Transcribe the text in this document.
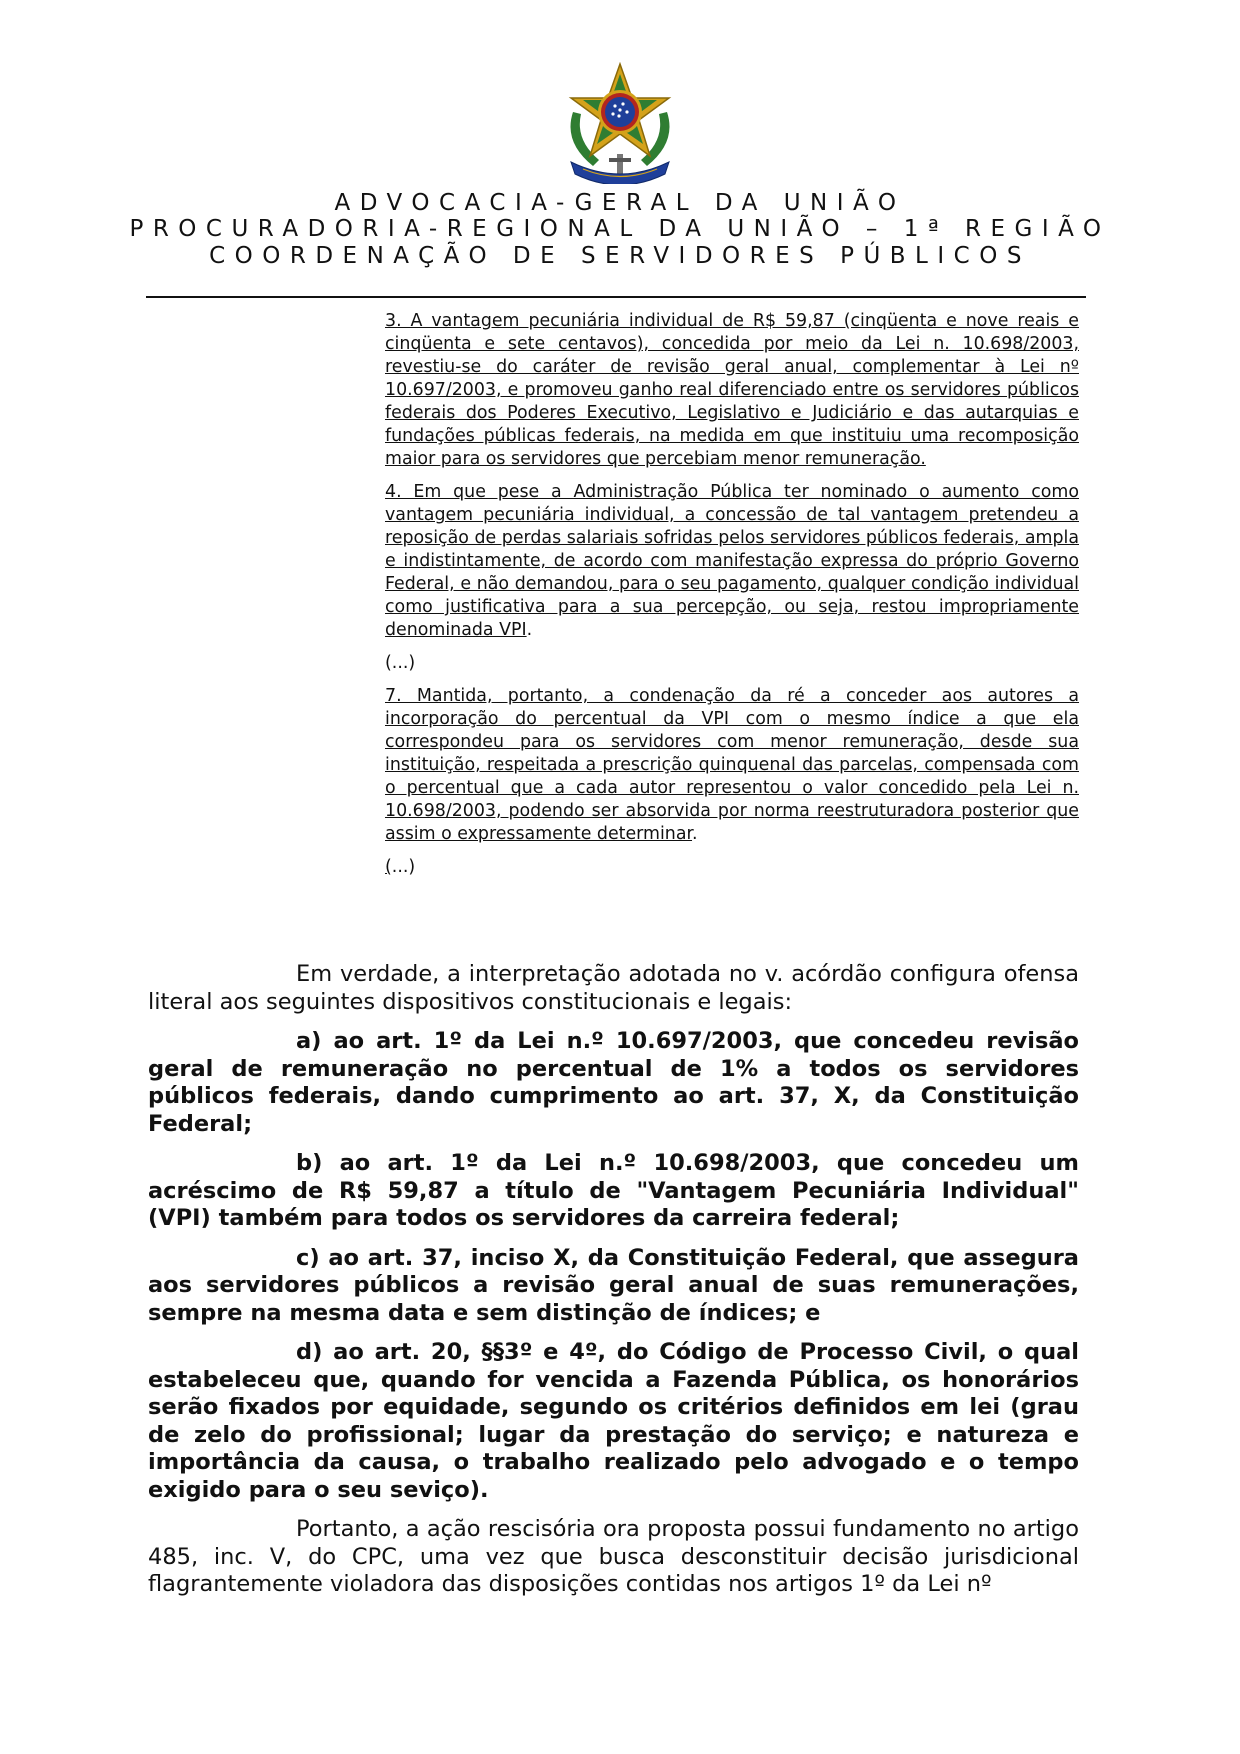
ADVOCACIA-GERAL DA UNIÃO
PROCURADORIA-REGIONAL DA UNIÃO – 1ª REGIÃO
COORDENAÇÃO DE SERVIDORES PÚBLICOS

3. A vantagem pecuniária individual de R$ 59,87 (cinqüenta e nove reais e cinqüenta e sete centavos), concedida por meio da Lei n. 10.698/2003, revestiu-se do caráter de revisão geral anual, complementar à Lei nº 10.697/2003, e promoveu ganho real diferenciado entre os servidores públicos federais dos Poderes Executivo, Legislativo e Judiciário e das autarquias e fundações públicas federais, na medida em que instituiu uma recomposição maior para os servidores que percebiam menor remuneração.

4. Em que pese a Administração Pública ter nominado o aumento como vantagem pecuniária individual, a concessão de tal vantagem pretendeu a reposição de perdas salariais sofridas pelos servidores públicos federais, ampla e indistintamente, de acordo com manifestação expressa do próprio Governo Federal, e não demandou, para o seu pagamento, qualquer condição individual como justificativa para a sua percepção, ou seja, restou impropriamente denominada VPI.

(...)

7. Mantida, portanto, a condenação da ré a conceder aos autores a incorporação do percentual da VPI com o mesmo índice a que ela correspondeu para os servidores com menor remuneração, desde sua instituição, respeitada a prescrição quinquenal das parcelas, compensada com o percentual que a cada autor representou o valor concedido pela Lei n. 10.698/2003, podendo ser absorvida por norma reestruturadora posterior que assim o expressamente determinar.

(...)

Em verdade, a interpretação adotada no v. acórdão configura ofensa literal aos seguintes dispositivos constitucionais e legais:

a) ao art. 1º da Lei n.º 10.697/2003, que concedeu revisão geral de remuneração no percentual de 1% a todos os servidores públicos federais, dando cumprimento ao art. 37, X, da Constituição Federal;

b) ao art. 1º da Lei n.º 10.698/2003, que concedeu um acréscimo de R$ 59,87 a título de "Vantagem Pecuniária Individual" (VPI) também para todos os servidores da carreira federal;

c) ao art. 37, inciso X, da Constituição Federal, que assegura aos servidores públicos a revisão geral anual de suas remunerações, sempre na mesma data e sem distinção de índices; e

d) ao art. 20, §§3º e 4º, do Código de Processo Civil, o qual estabeleceu que, quando for vencida a Fazenda Pública, os honorários serão fixados por equidade, segundo os critérios definidos em lei (grau de zelo do profissional; lugar da prestação do serviço; e natureza e importância da causa, o trabalho realizado pelo advogado e o tempo exigido para o seu seviço).

Portanto, a ação rescisória ora proposta possui fundamento no artigo 485, inc. V, do CPC, uma vez que busca desconstituir decisão jurisdicional flagrantemente violadora das disposições contidas nos artigos 1º da Lei nº
